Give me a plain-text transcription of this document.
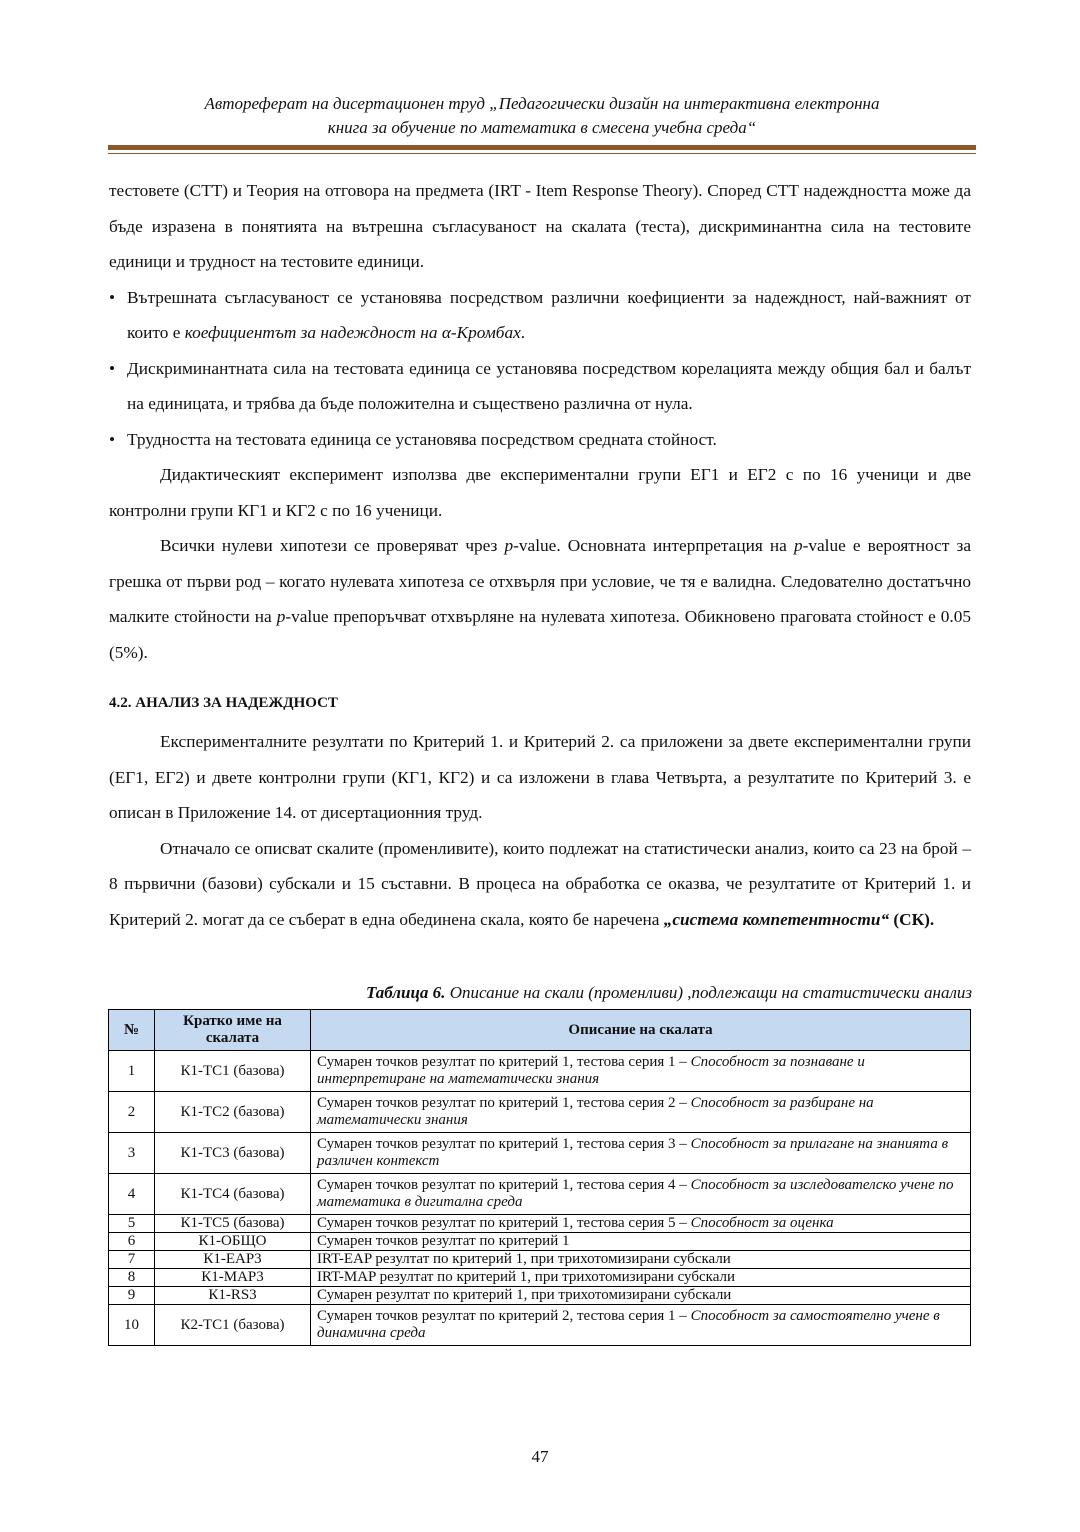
Автореферат на дисертационен труд „Педагогически дизайн на интерактивна електронна
книга за обучение по математика в смесена учебна среда“

тестовете (СТТ) и Теория на отговора на предмета (IRT - Item Response Theory). Според СТТ надеждността може да бъде изразена в понятията на вътрешна съгласуваност на скалата (теста), дискриминантна сила на тестовите единици и трудност на тестовите единици.

• Вътрешната съгласуваност се установява посредством различни коефициенти за надеждност, най-важният от които е коефициентът за надеждност на α-Кромбах.

• Дискриминантната сила на тестовата единица се установява посредством корелацията между общия бал и балът на единицата, и трябва да бъде положителна и съществено различна от нула.

• Трудността на тестовата единица се установява посредством средната стойност.

Дидактическият експеримент използва две експериментални групи ЕГ1 и ЕГ2 с по 16 ученици и две контролни групи КГ1 и КГ2 с по 16 ученици.

Всички нулеви хипотези се проверяват чрез p-value. Основната интерпретация на p-value е вероятност за грешка от първи род – когато нулевата хипотеза се отхвърля при условие, че тя е валидна. Следователно достатъчно малките стойности на p-value препоръчват отхвърляне на нулевата хипотеза. Обикновено праговата стойност е 0.05 (5%).

4.2. АНАЛИЗ ЗА НАДЕЖДНОСТ

Експерименталните резултати по Критерий 1. и Критерий 2. са приложени за двете експериментални групи (ЕГ1, ЕГ2) и двете контролни групи (КГ1, КГ2) и са изложени в глава Четвърта, а резултатите по Критерий 3. е описан в Приложение 14. от дисертационния труд.

Отначало се описват скалите (променливите), които подлежат на статистически анализ, които са 23 на брой – 8 първични (базови) субскали и 15 съставни. В процеса на обработка се оказва, че резултатите от Критерий 1. и Критерий 2. могат да се съберат в една обединена скала, която бе наречена „система компетентности“ (СК).

Таблица 6. Описание на скали (променливи) ,подлежащи на статистически анализ
№	Кратко име на скалата	Описание на скалата
1	К1-ТС1 (базова)	Сумарен точков резултат по критерий 1, тестова серия 1 – Способност за познаване и интерпретиране на математически знания
2	К1-ТС2 (базова)	Сумарен точков резултат по критерий 1, тестова серия 2 – Способност за разбиране на математически знания
3	К1-ТС3 (базова)	Сумарен точков резултат по критерий 1, тестова серия 3 – Способност за прилагане на знанията в различен контекст
4	К1-ТС4 (базова)	Сумарен точков резултат по критерий 1, тестова серия 4 – Способност за изследователско учене по математика в дигитална среда
5	К1-ТС5 (базова)	Сумарен точков резултат по критерий 1, тестова серия 5 – Способност за оценка
6	К1-ОБЩО	Сумарен точков резултат по критерий 1
7	К1-EAP3	IRT-EAP резултат по критерий 1, при трихотомизирани субскали
8	К1-MAP3	IRT-MAP резултат по критерий 1, при трихотомизирани субскали
9	К1-RS3	Сумарен резултат по критерий 1, при трихотомизирани субскали
10	К2-ТС1 (базова)	Сумарен точков резултат по критерий 2, тестова серия 1 – Способност за самостоятелно учене в динамична среда
47
